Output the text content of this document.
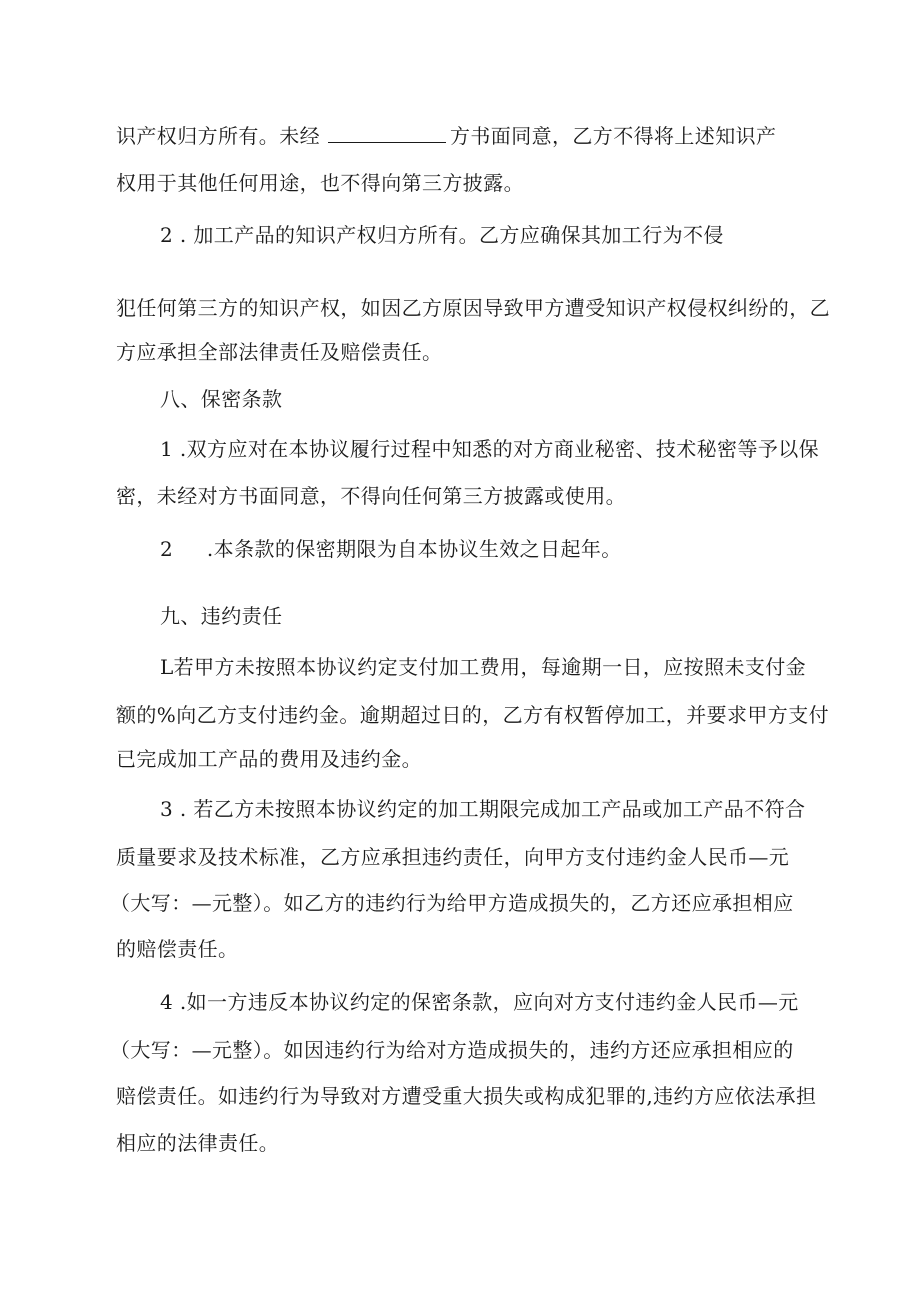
识产权归方所有。未经	方书面同意，乙方不得将上述知识产
权用于其他任何用途，也不得向第三方披露。
2 . 加工产品的知识产权归方所有。乙方应确保其加工行为不侵
犯任何第三方的知识产权，如因乙方原因导致甲方遭受知识产权侵权纠纷的，乙
方应承担全部法律责任及赔偿责任。
八、保密条款
1 .双方应对在本协议履行过程中知悉的对方商业秘密、技术秘密等予以保
密，未经对方书面同意，不得向任何第三方披露或使用。
2     .本条款的保密期限为自本协议生效之日起年。
九、违约责任
L若甲方未按照本协议约定支付加工费用，每逾期一日，应按照未支付金
额的%向乙方支付违约金。逾期超过日的，乙方有权暂停加工，并要求甲方支付
已完成加工产品的费用及违约金。
3 . 若乙方未按照本协议约定的加工期限完成加工产品或加工产品不符合
质量要求及技术标准，乙方应承担违约责任，向甲方支付违约金人民币—元
（大写：—元整）。如乙方的违约行为给甲方造成损失的，乙方还应承担相应
的赔偿责任。
4 .如一方违反本协议约定的保密条款，应向对方支付违约金人民币—元
（大写：—元整）。如因违约行为给对方造成损失的，违约方还应承担相应的
赔偿责任。如违约行为导致对方遭受重大损失或构成犯罪的,违约方应依法承担
相应的法律责任。
